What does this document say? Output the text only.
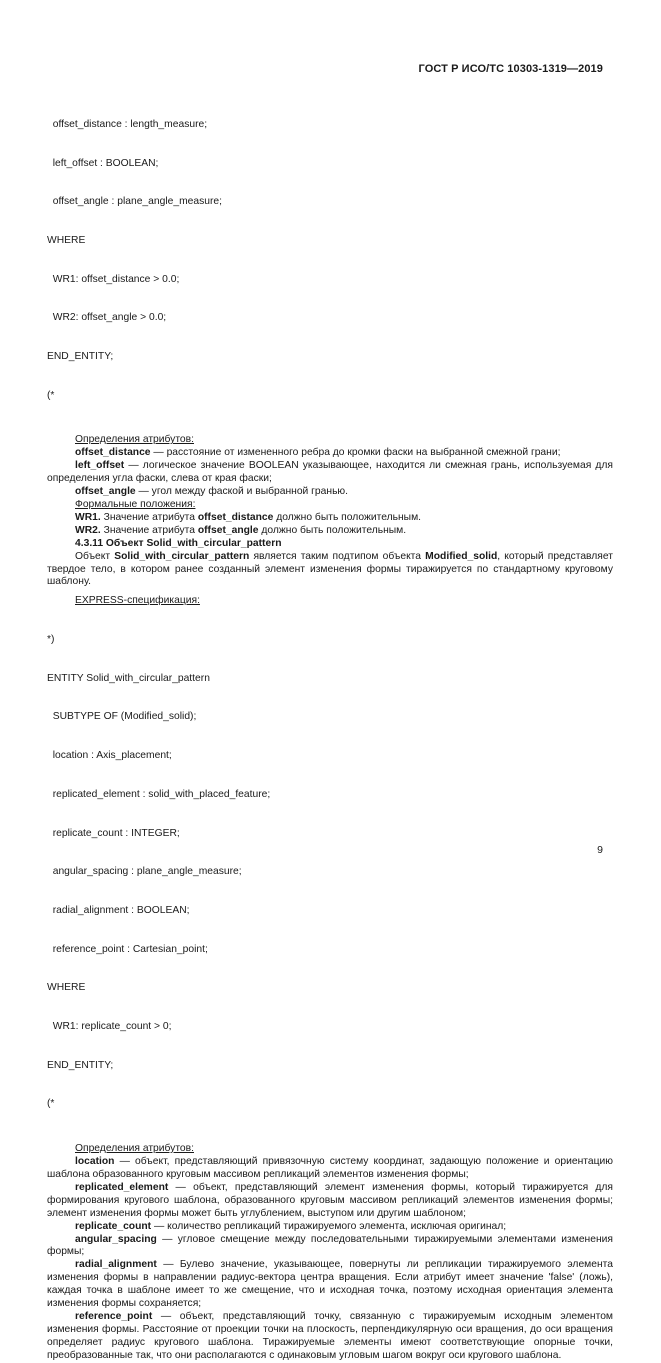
ГОСТ Р ИСО/ТС 10303-1319—2019

offset_distance : length_measure;

left_offset : BOOLEAN;

offset_angle : plane_angle_measure;

WHERE

WR1: offset_distance > 0.0;

WR2: offset_angle > 0.0;

END_ENTITY;

(*

Определения атрибутов:

offset_distance — расстояние от измененного ребра до кромки фаски на выбранной смежной грани;

left_offset — логическое значение BOOLEAN указывающее, находится ли смежная грань, используемая для определения угла фаски, слева от края фаски;

offset_angle — угол между фаской и выбранной гранью.

Формальные положения:

WR1. Значение атрибута offset_distance должно быть положительным.

WR2. Значение атрибута offset_angle должно быть положительным.

4.3.11 Объект Solid_with_circular_pattern

Объект Solid_with_circular_pattern является таким подтипом объекта Modified_solid, который представляет твердое тело, в котором ранее созданный элемент изменения формы тиражируется по стандартному круговому шаблону.

EXPRESS-спецификация:

*)

ENTITY Solid_with_circular_pattern

SUBTYPE OF (Modified_solid);

location : Axis_placement;

replicated_element : solid_with_placed_feature;

replicate_count : INTEGER;

angular_spacing : plane_angle_measure;

radial_alignment : BOOLEAN;

reference_point : Cartesian_point;

WHERE

WR1: replicate_count > 0;

END_ENTITY;

(*

Определения атрибутов:

location — объект, представляющий привязочную систему координат, задающую положение и ориентацию шаблона образованного круговым массивом репликаций элементов изменения формы;

replicated_element — объект, представляющий элемент изменения формы, который тиражируется для формирования кругового шаблона, образованного круговым массивом репликаций элементов изменения формы; элемент изменения формы может быть углублением, выступом или другим шаблоном;

replicate_count — количество репликаций тиражируемого элемента, исключая оригинал;

angular_spacing — угловое смещение между последовательными тиражируемыми элементами изменения формы;

radial_alignment — Булево значение, указывающее, повернуты ли репликации тиражируемого элемента изменения формы в направлении радиус-вектора центра вращения. Если атрибут имеет значение 'false' (ложь), каждая точка в шаблоне имеет то же смещение, что и исходная точка, поэтому исходная ориентация элемента изменения формы сохраняется;

reference_point — объект, представляющий точку, связанную с тиражируемым исходным элементом изменения формы. Расстояние от проекции точки на плоскость, перпендикулярную оси вращения, до оси вращения определяет радиус кругового шаблона. Тиражируемые элементы имеют соответствующие опорные точки, преобразованные так, что они располагаются с одинаковым угловым шагом вокруг оси кругового шаблона.

9
